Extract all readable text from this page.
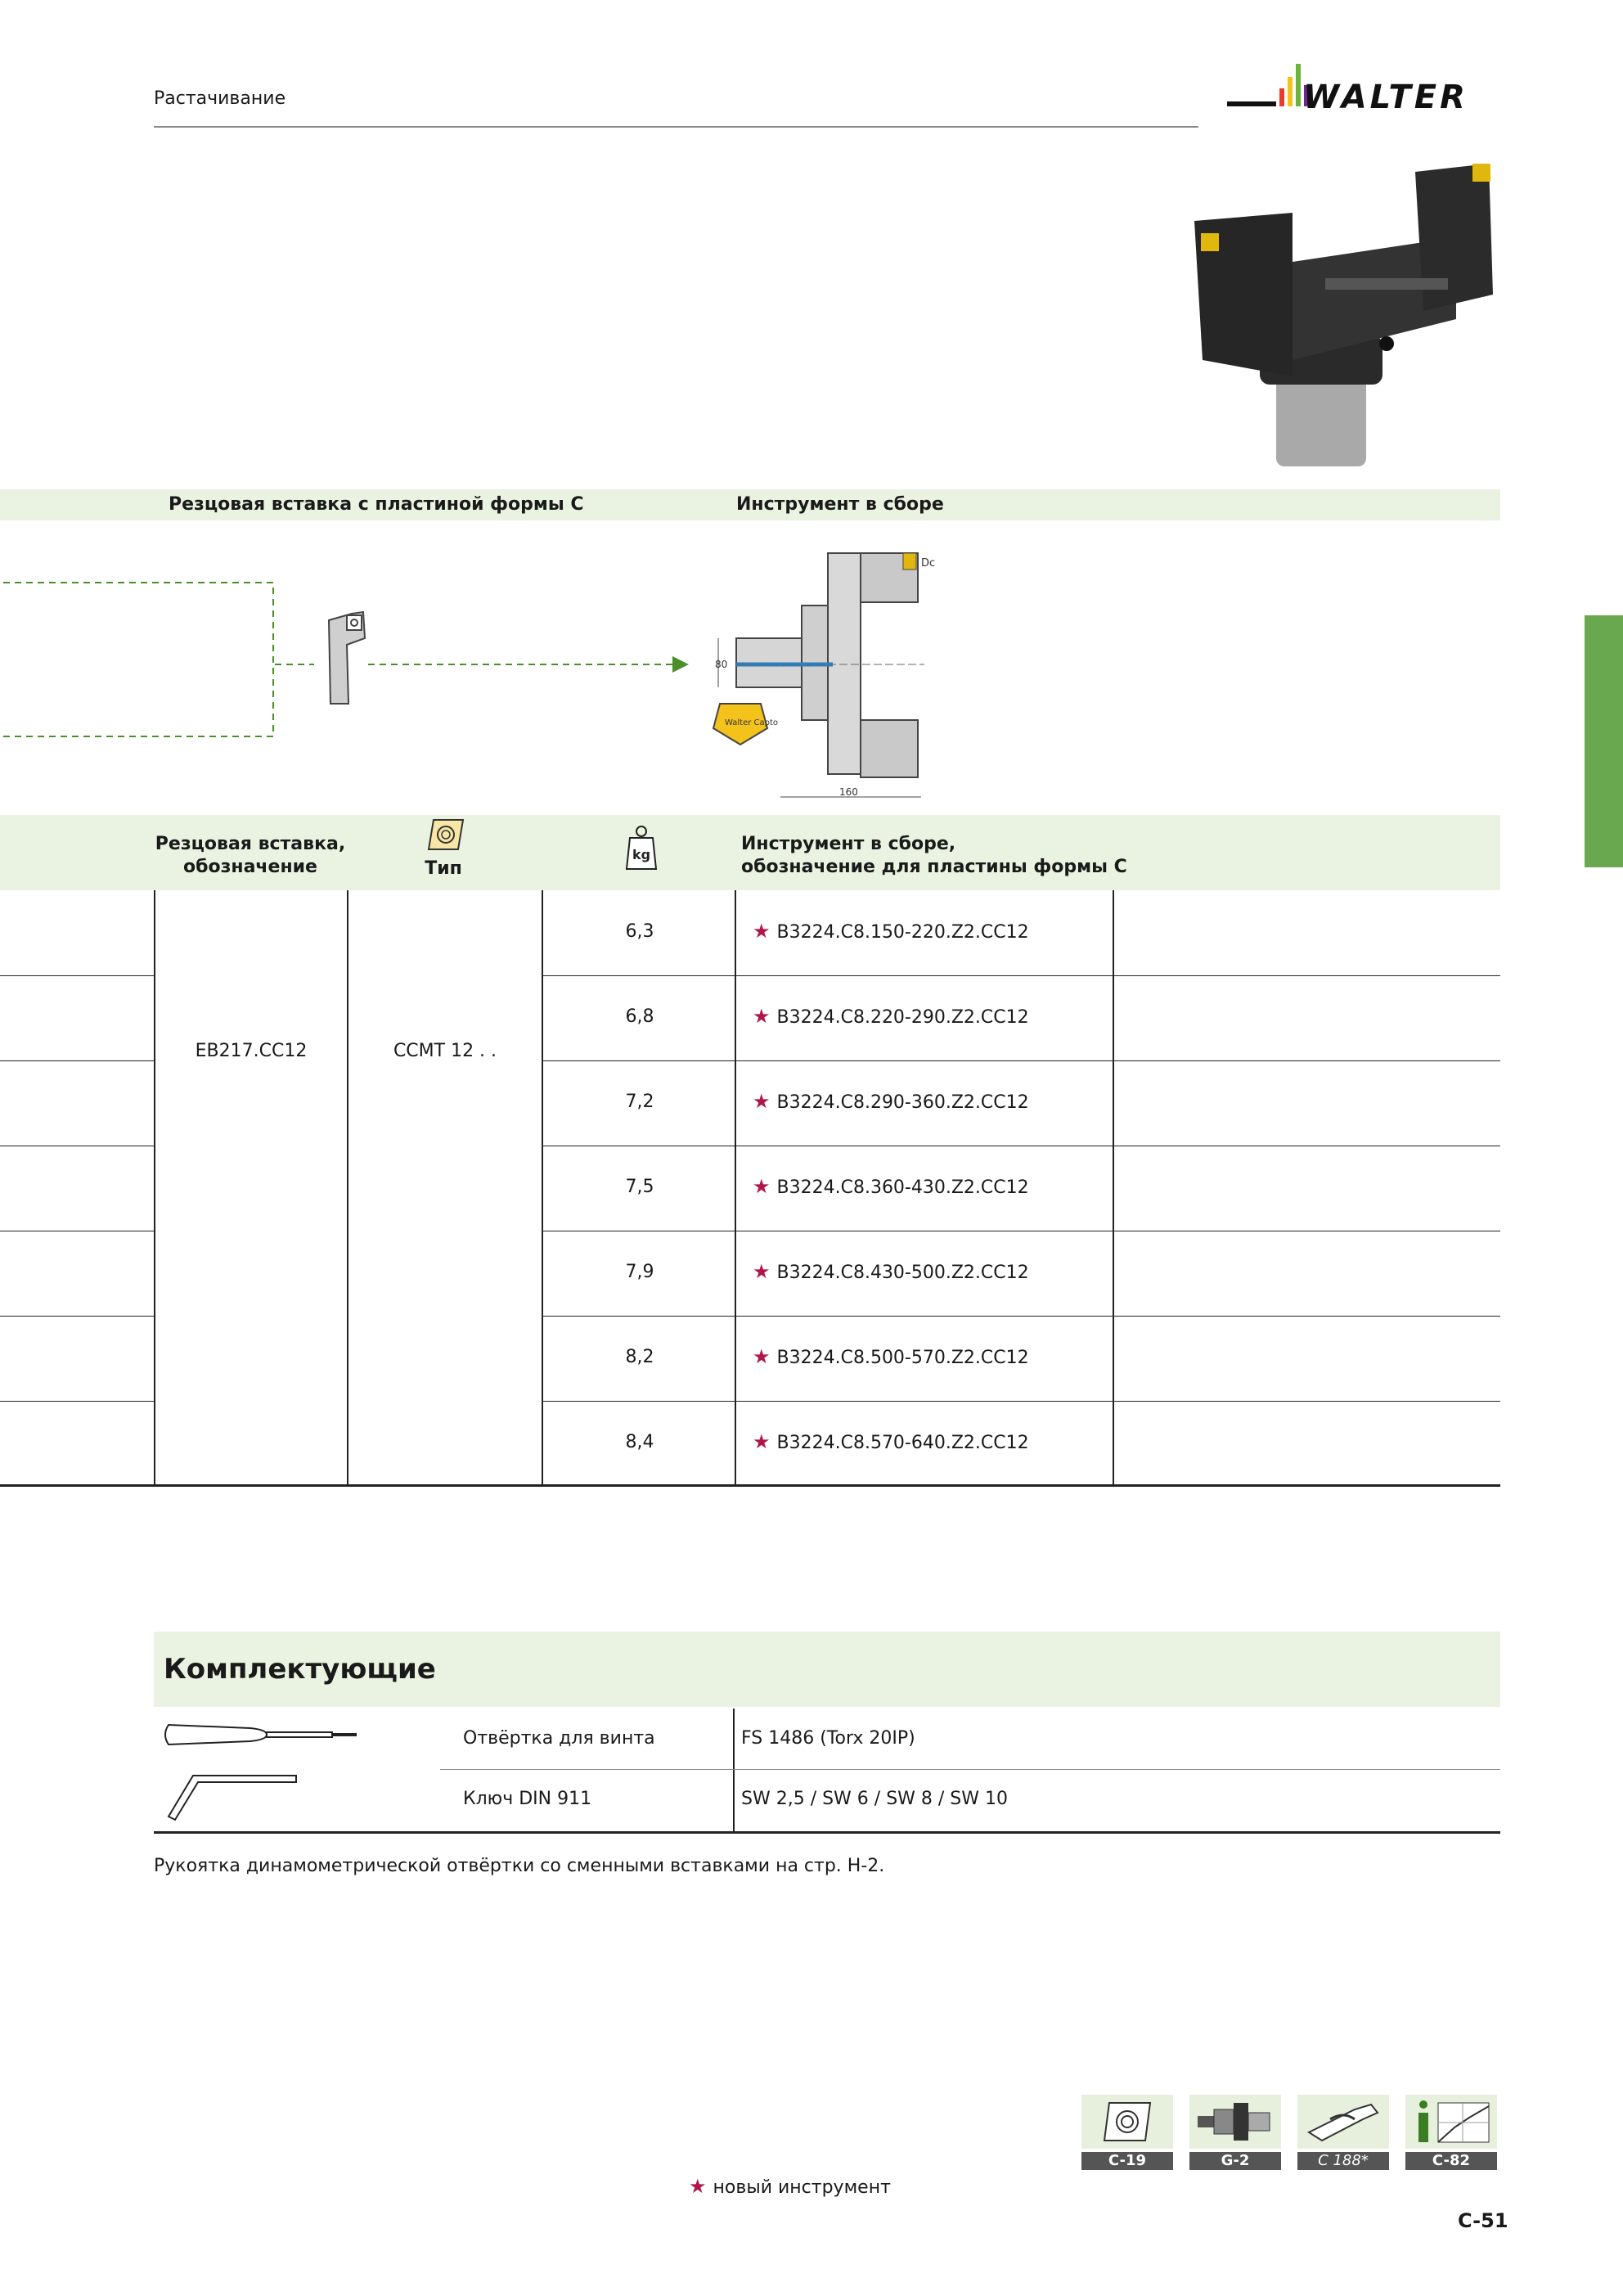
Растачивание	WALTER
Резцовая вставка с пластиной формы C	Инструмент в сборе
Dc
80
160
Walter Capto
Резцовая вставка,
обозначение	Тип
kg
Инструмент в сборе,
обозначение для пластины формы C
EB217.CC12	CCMT 12 . .
6,3	★ B3224.C8.150-220.Z2.CC12
6,8	★ B3224.C8.220-290.Z2.CC12
7,2	★ B3224.C8.290-360.Z2.CC12
7,5	★ B3224.C8.360-430.Z2.CC12
7,9	★ B3224.C8.430-500.Z2.CC12
8,2	★ B3224.C8.500-570.Z2.CC12
8,4	★ B3224.C8.570-640.Z2.CC12
Комплектующие
Отвёртка для винта	FS 1486 (Torx 20IP)
Ключ DIN 911	SW 2,5 / SW 6 / SW 8 / SW 10
Рукоятка динамометрической отвёртки со сменными вставками на стр. H-2.
C-19	G-2	C 188*	C-82
★ новый инструмент
C-51
